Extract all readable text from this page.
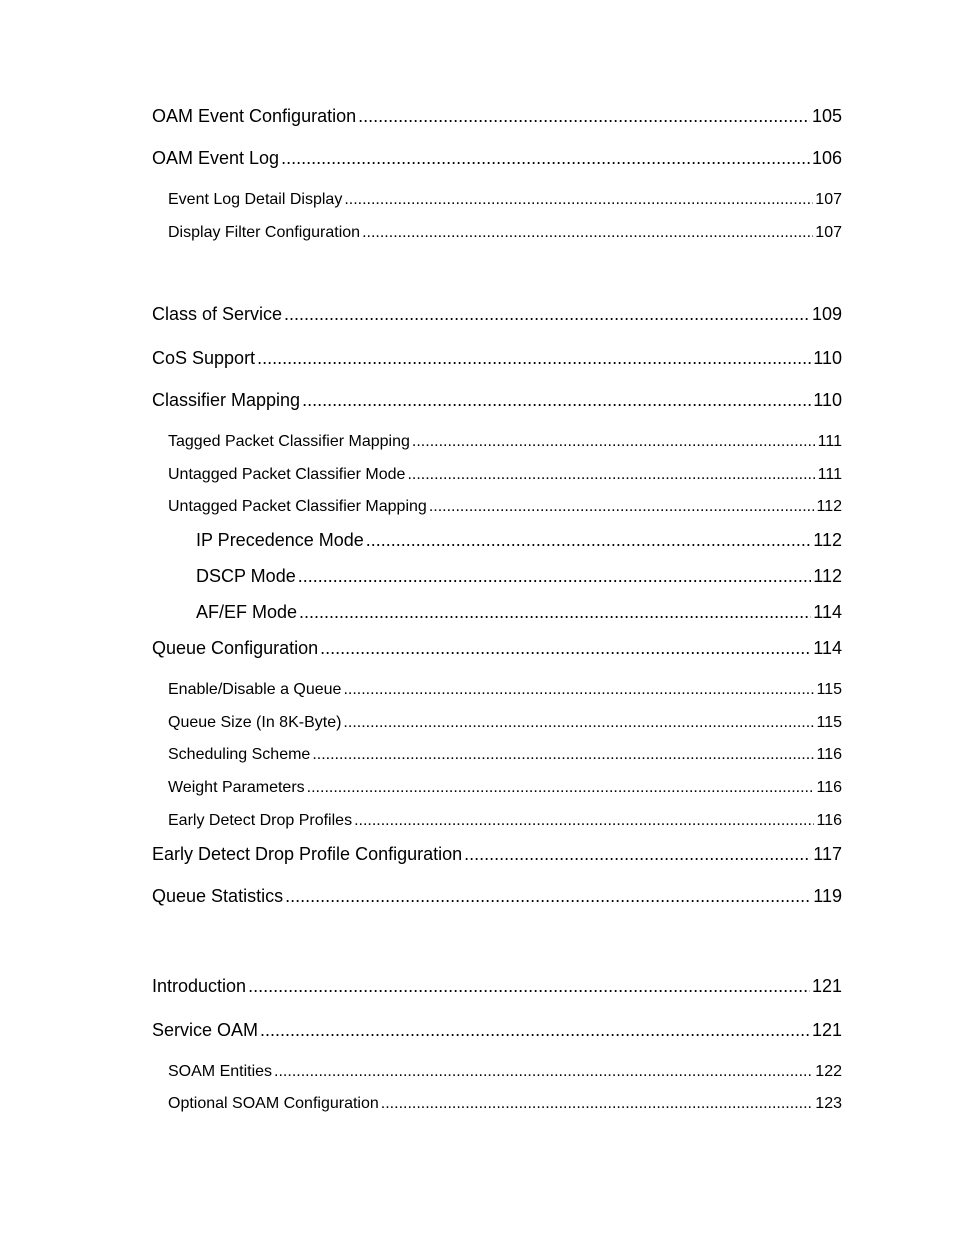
OAM Event Configuration .....	105
OAM Event Log .....	106
Event Log Detail Display .....	107
Display Filter Configuration .....	107
Class of Service .....	109
CoS Support .....	110
Classifier Mapping .....	110
Tagged Packet Classifier Mapping .....	111
Untagged Packet Classifier Mode .....	111
Untagged Packet Classifier Mapping .....	112
IP Precedence Mode .....	112
DSCP Mode .....	112
AF/EF Mode .....	114
Queue Configuration .....	114
Enable/Disable a Queue .....	115
Queue Size (In 8K-Byte) .....	115
Scheduling Scheme .....	116
Weight Parameters .....	116
Early Detect Drop Profiles .....	116
Early Detect Drop Profile Configuration .....	117
Queue Statistics .....	119
Introduction .....	121
Service OAM .....	121
SOAM Entities .....	122
Optional SOAM Configuration .....	123
